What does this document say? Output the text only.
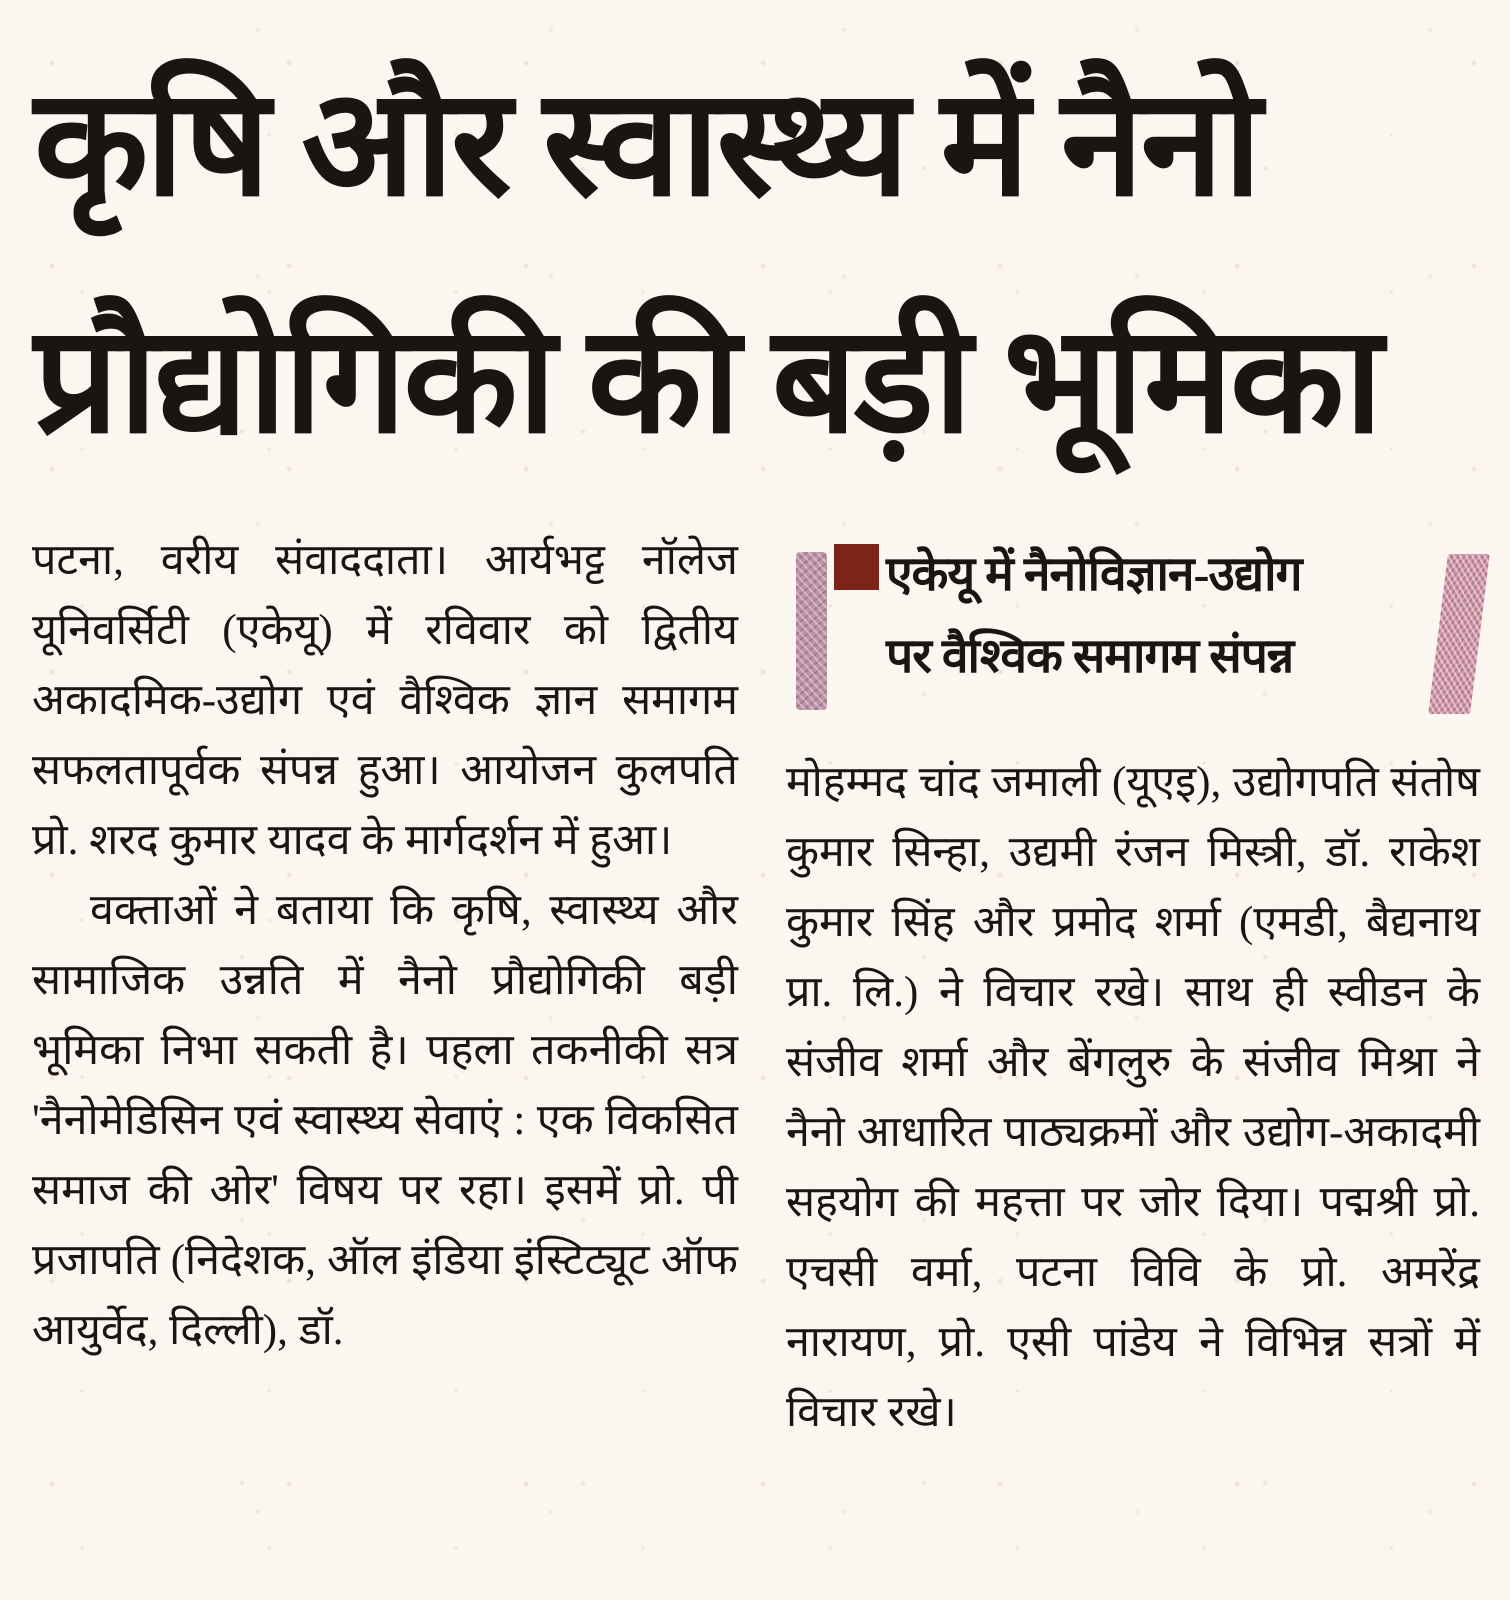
कृषि और स्वास्थ्य में नैनो
प्रौद्योगिकी की बड़ी भूमिका

पटना, वरीय संवाददाता। आर्यभट्ट नॉलेज यूनिवर्सिटी (एकेयू) में रविवार को द्वितीय अकादमिक-उद्योग एवं वैश्विक ज्ञान समागम सफलतापूर्वक संपन्न हुआ। आयोजन कुलपति प्रो. शरद कुमार यादव के मार्गदर्शन में हुआ।

वक्ताओं ने बताया कि कृषि, स्वास्थ्य और सामाजिक उन्नति में नैनो प्रौद्योगिकी बड़ी भूमिका निभा सकती है। पहला तकनीकी सत्र 'नैनोमेडिसिन एवं स्वास्थ्य सेवाएं : एक विकसित समाज की ओर' विषय पर रहा। इसमें प्रो. पी प्रजापति (निदेशक, ऑल इंडिया इंस्टिट्यूट ऑफ आयुर्वेद, दिल्ली), डॉ.

एकेयू में नैनोविज्ञान-उद्योग
पर वैश्विक समागम संपन्न

मोहम्मद चांद जमाली (यूएइ), उद्योगपति संतोष कुमार सिन्हा, उद्यमी रंजन मिस्त्री, डॉ. राकेश कुमार सिंह और प्रमोद शर्मा (एमडी, बैद्यनाथ प्रा. लि.) ने विचार रखे। साथ ही स्वीडन के संजीव शर्मा और बेंगलुरु के संजीव मिश्रा ने नैनो आधारित पाठ्यक्रमों और उद्योग-अकादमी सहयोग की महत्ता पर जोर दिया। पद्मश्री प्रो. एचसी वर्मा, पटना विवि के प्रो. अमरेंद्र नारायण, प्रो. एसी पांडेय ने विभिन्न सत्रों में विचार रखे।
